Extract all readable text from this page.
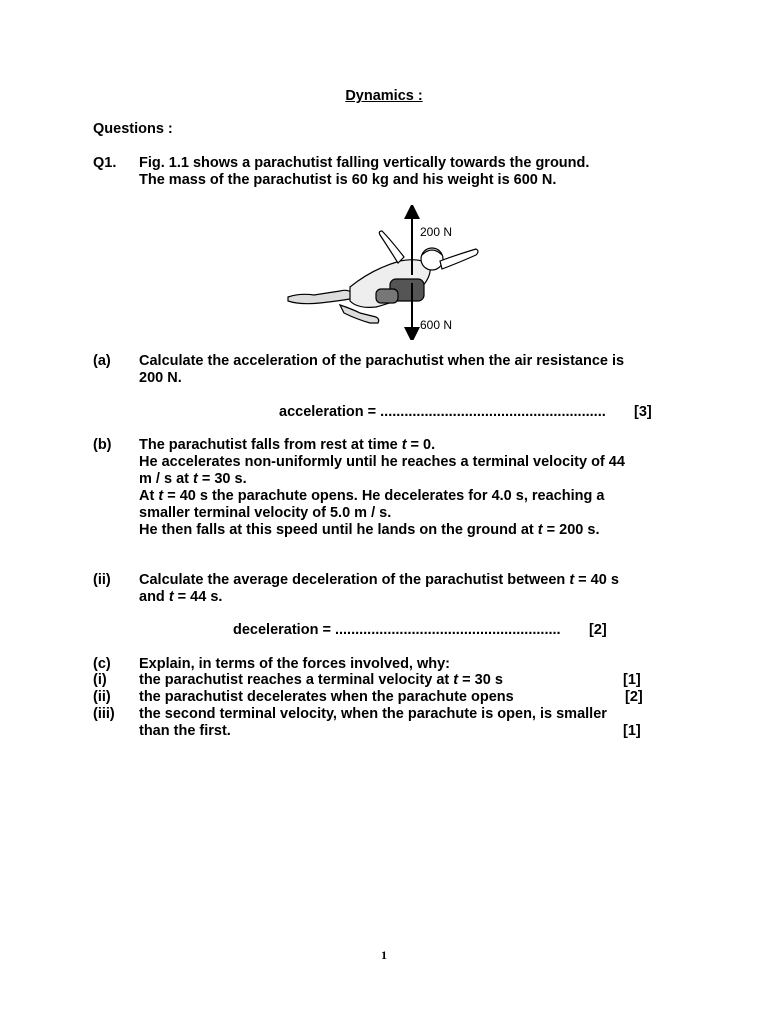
Dynamics :
Questions :
Q1. Fig. 1.1 shows a parachutist falling vertically towards the ground.
The mass of the parachutist is 60 kg and his weight is 600 N.
200 N
600 N
(a) Calculate the acceleration of the parachutist when the air resistance is
200 N.
acceleration = ........................................................ [3]
(b) The parachutist falls from rest at time t = 0.
He accelerates non-uniformly until he reaches a terminal velocity of 44
m / s at t = 30 s.
At t = 40 s the parachute opens. He decelerates for 4.0 s, reaching a
smaller terminal velocity of 5.0 m / s.
He then falls at this speed until he lands on the ground at t = 200 s.
(ii) Calculate the average deceleration of the parachutist between t = 40 s
and t = 44 s.
deceleration = ........................................................ [2]
(c) Explain, in terms of the forces involved, why:
(i) the parachutist reaches a terminal velocity at t = 30 s	[1]
(ii) the parachutist decelerates when the parachute opens	[2]
(iii) the second terminal velocity, when the parachute is open, is smaller
than the first.	[1]
1
